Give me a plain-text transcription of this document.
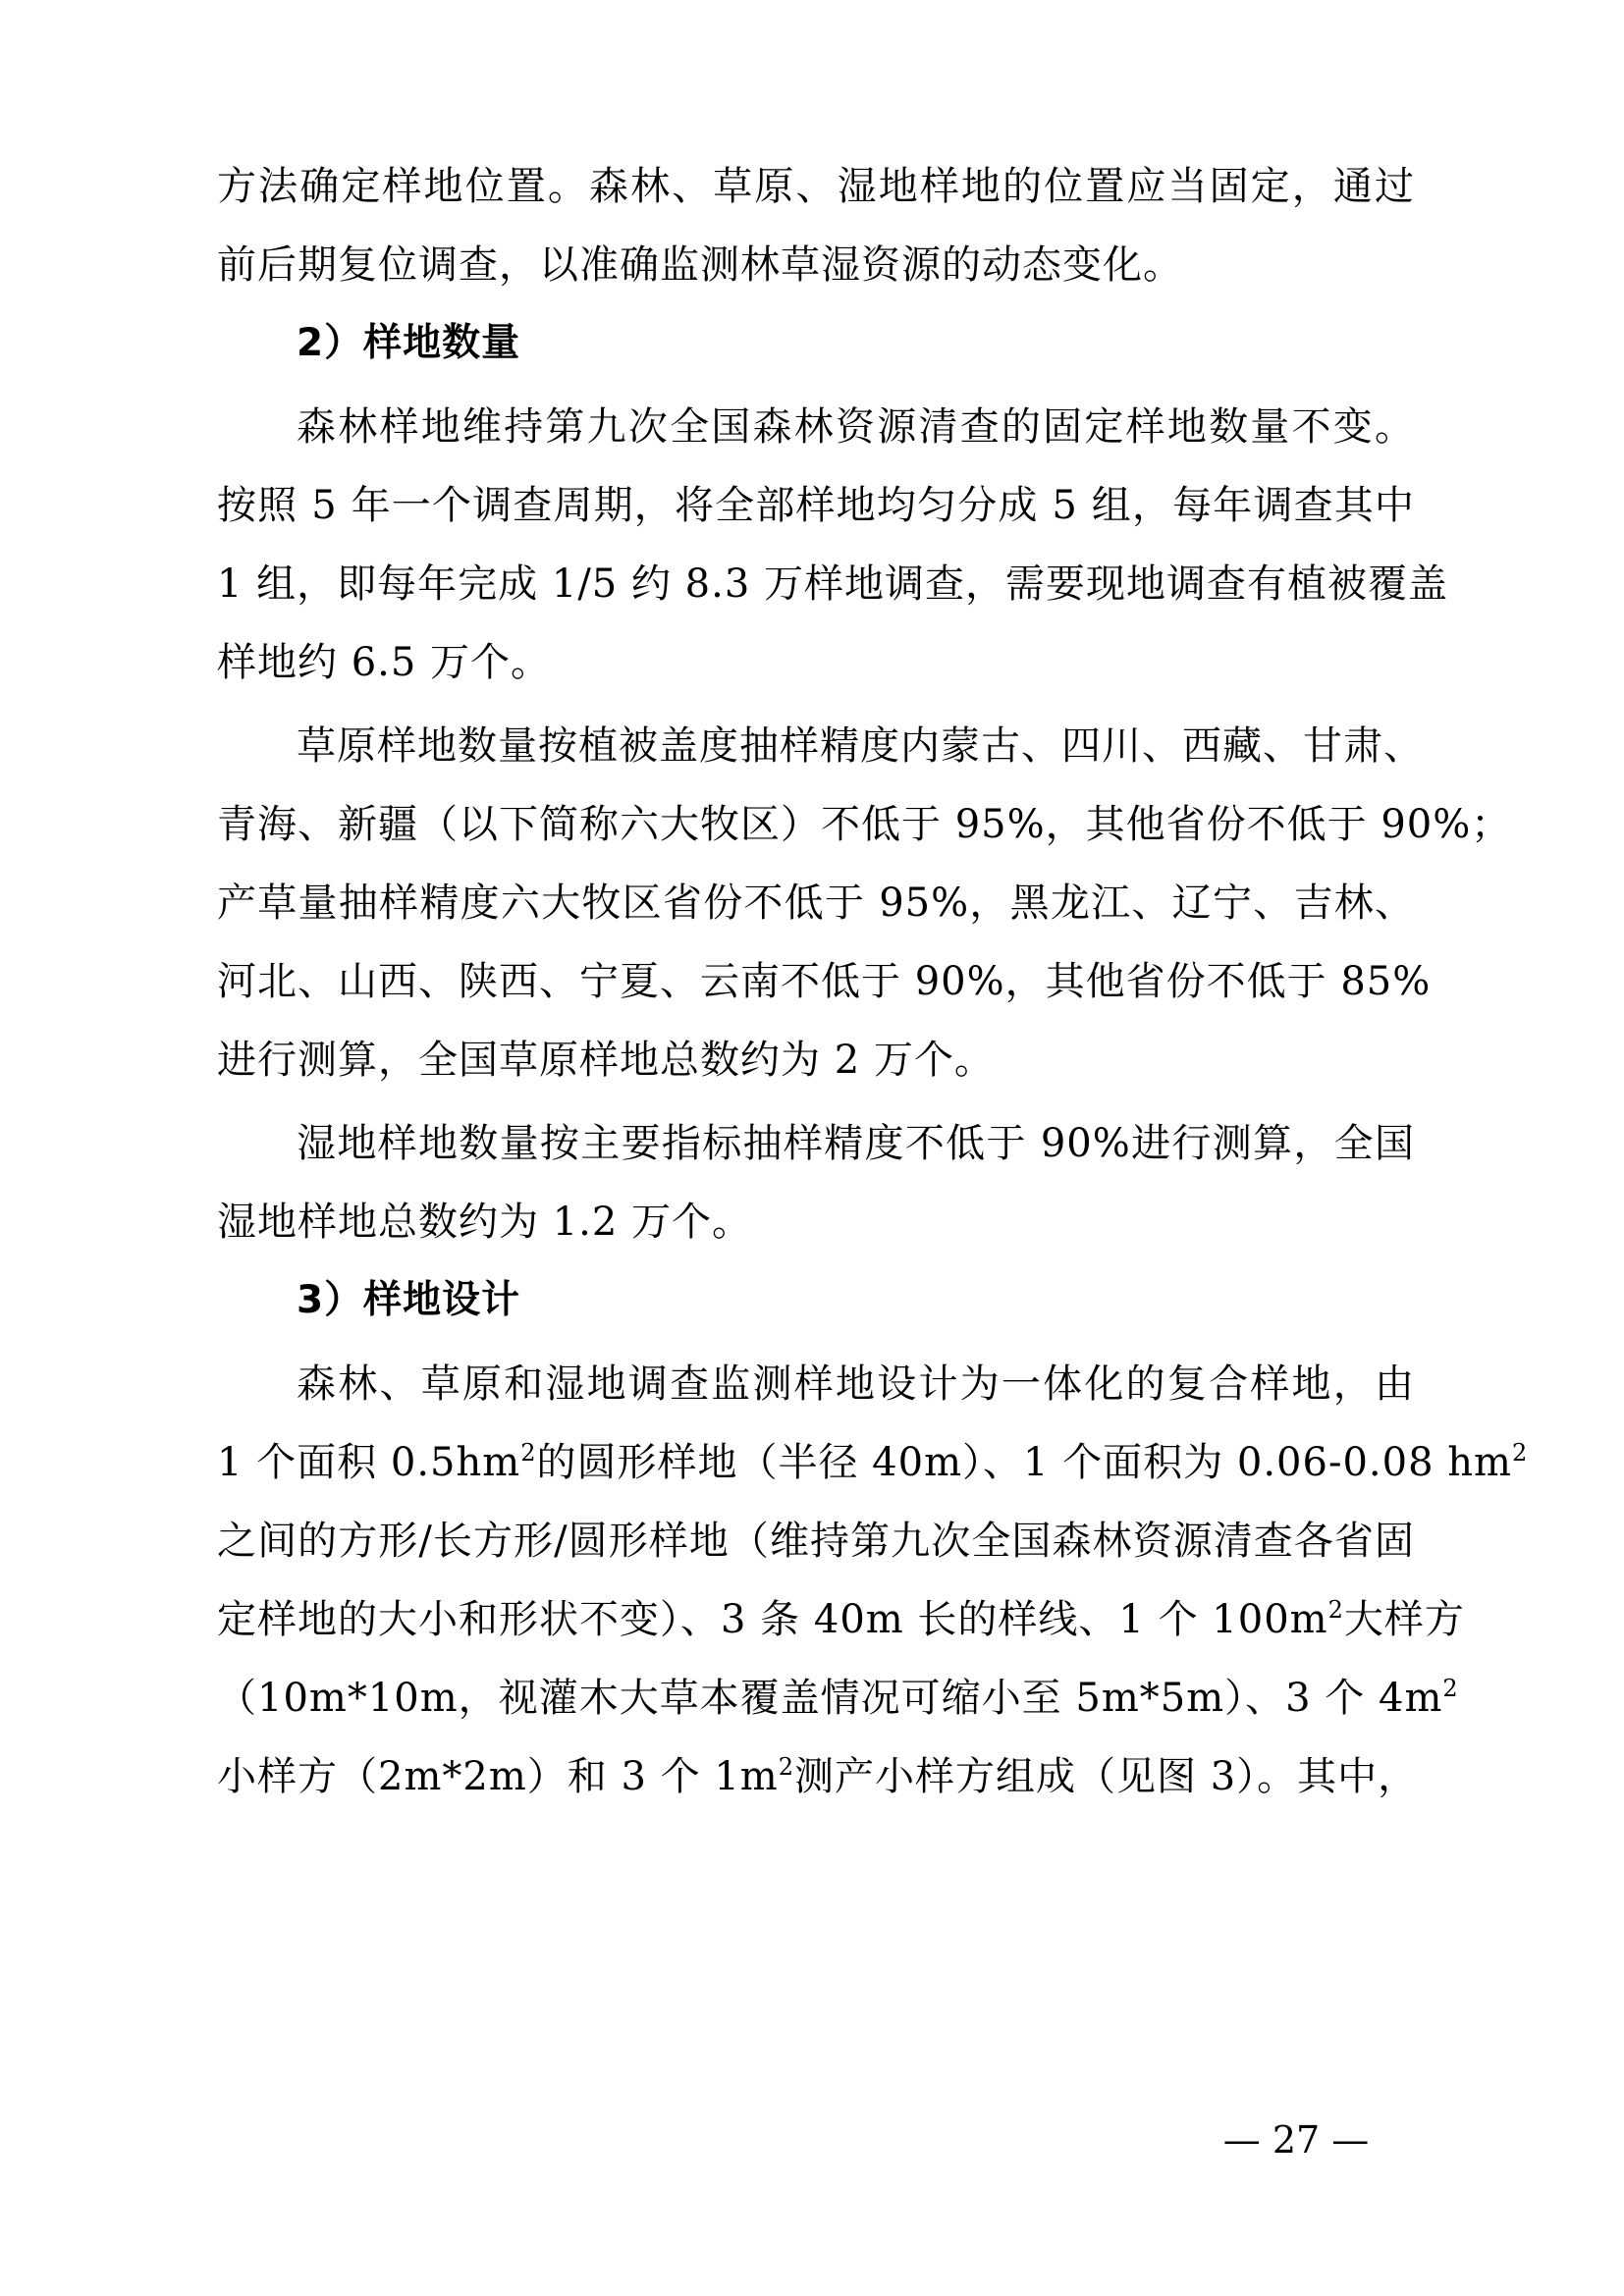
方法确定样地位置。森林、草原、湿地样地的位置应当固定，通过
前后期复位调查，以准确监测林草湿资源的动态变化。
2）样地数量
森林样地维持第九次全国森林资源清查的固定样地数量不变。
按照 5 年一个调查周期，将全部样地均匀分成 5 组，每年调查其中
1 组，即每年完成 1/5 约 8.3 万样地调查，需要现地调查有植被覆盖
样地约 6.5 万个。
草原样地数量按植被盖度抽样精度内蒙古、四川、西藏、甘肃、
青海、新疆（以下简称六大牧区）不低于 95%，其他省份不低于 90%；
产草量抽样精度六大牧区省份不低于 95%，黑龙江、辽宁、吉林、
河北、山西、陕西、宁夏、云南不低于 90%，其他省份不低于 85%
进行测算，全国草原样地总数约为 2 万个。
湿地样地数量按主要指标抽样精度不低于 90%进行测算，全国
湿地样地总数约为 1.2 万个。
3）样地设计
森林、草原和湿地调查监测样地设计为一体化的复合样地，由
1 个面积 $0.5hm^2$的圆形样地（半径 40m）、1 个面积为 0.06-0.08 $hm^2$
之间的方形/长方形/圆形样地（维持第九次全国森林资源清查各省固
定样地的大小和形状不变）、3 条 40m 长的样线、1 个 $100m^2$大样方
（10m*10m，视灌木大草本覆盖情况可缩小至 5m*5m）、3 个 $4m^2$
小样方（2m*2m）和 3 个 $1m^2$测产小样方组成（见图 3）。其中，
— 27 —
